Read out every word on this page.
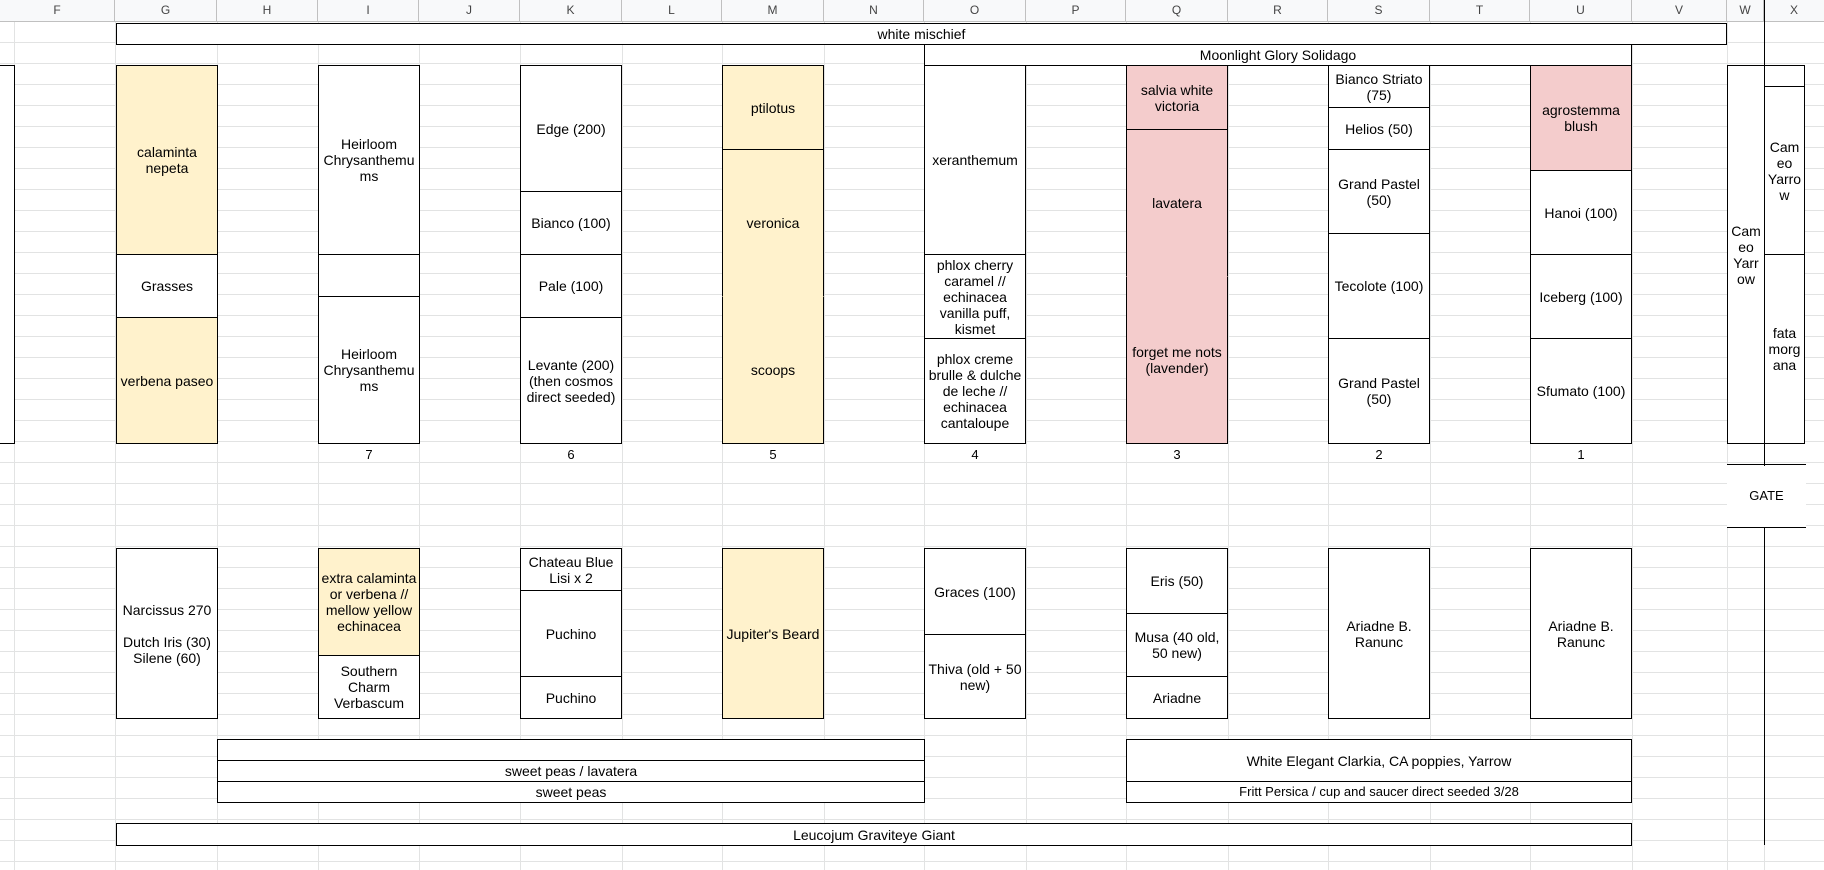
F	G	H	I	J	K	L	M	N	O	P	Q	R	S	T	U	V	W	X
white mischief
Moonlight Glory Solidago
calaminta
nepeta
Grasses
verbena paseo
Heirloom
Chrysanthemu
ms
Heirloom
Chrysanthemu
ms
Edge (200)
Bianco (100)
Pale (100)
Levante (200)
(then cosmos
direct seeded)
ptilotus
veronica
scoops
xeranthemum
phlox cherry
caramel //
echinacea
vanilla puff,
kismet
phlox creme
brulle & dulche
de leche //
echinacea
cantaloupe
salvia white
victoria
lavatera
forget me nots
(lavender)
Bianco Striato
(75)
Helios (50)
Grand Pastel
(50)
Tecolote (100)
Grand Pastel
(50)
agrostemma
blush
Hanoi (100)
Iceberg (100)
Sfumato (100)
Cam
eo
Yarr
ow
Cam
eo
Yarro
w
fata
morg
ana
7	6	5	4	3	2	1
GATE
Narcissus 270

Dutch Iris (30)
Silene (60)
extra calaminta
or verbena //
mellow yellow
echinacea
Southern
Charm
Verbascum
Chateau Blue
Lisi x 2
Puchino
Puchino
Jupiter's Beard
Graces (100)
Thiva (old + 50
new)
Eris (50)
Musa (40 old,
50 new)
Ariadne
Ariadne B.
Ranunc
Ariadne B.
Ranunc
sweet peas / lavatera
sweet peas
White Elegant Clarkia, CA poppies, Yarrow
Fritt Persica / cup and saucer direct seeded 3/28
Leucojum Graviteye Giant
